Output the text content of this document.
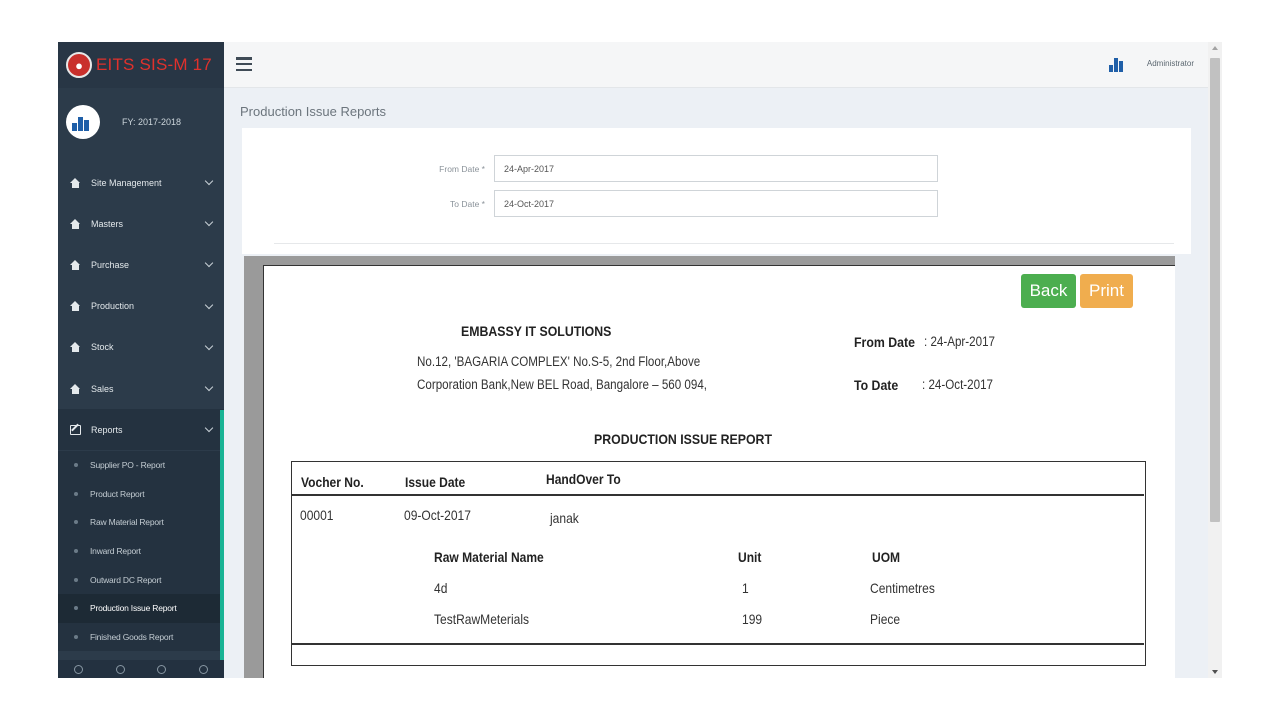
● EITS SIS-M 17
FY: 2017-2018
Site Management
Masters
Purchase
Production
Stock
Sales
Reports
Supplier PO - Report
Product Report
Raw Material Report
Inward Report
Outward DC Report
Production Issue Report
Finished Goods Report
Administrator
Production Issue Reports
From Date *	24-Apr-2017
To Date *	24-Oct-2017
Back	Print
EMBASSY IT SOLUTIONS
No.12, 'BAGARIA COMPLEX' No.S-5, 2nd Floor,Above
Corporation Bank,New BEL Road, Bangalore – 560 094,
From Date : 24-Apr-2017
To Date : 24-Oct-2017
PRODUCTION ISSUE REPORT
Vocher No.	Issue Date	HandOver To
00001	09-Oct-2017	janak
Raw Material Name	Unit	UOM
4d	1	Centimetres
TestRawMeterials	199	Piece
